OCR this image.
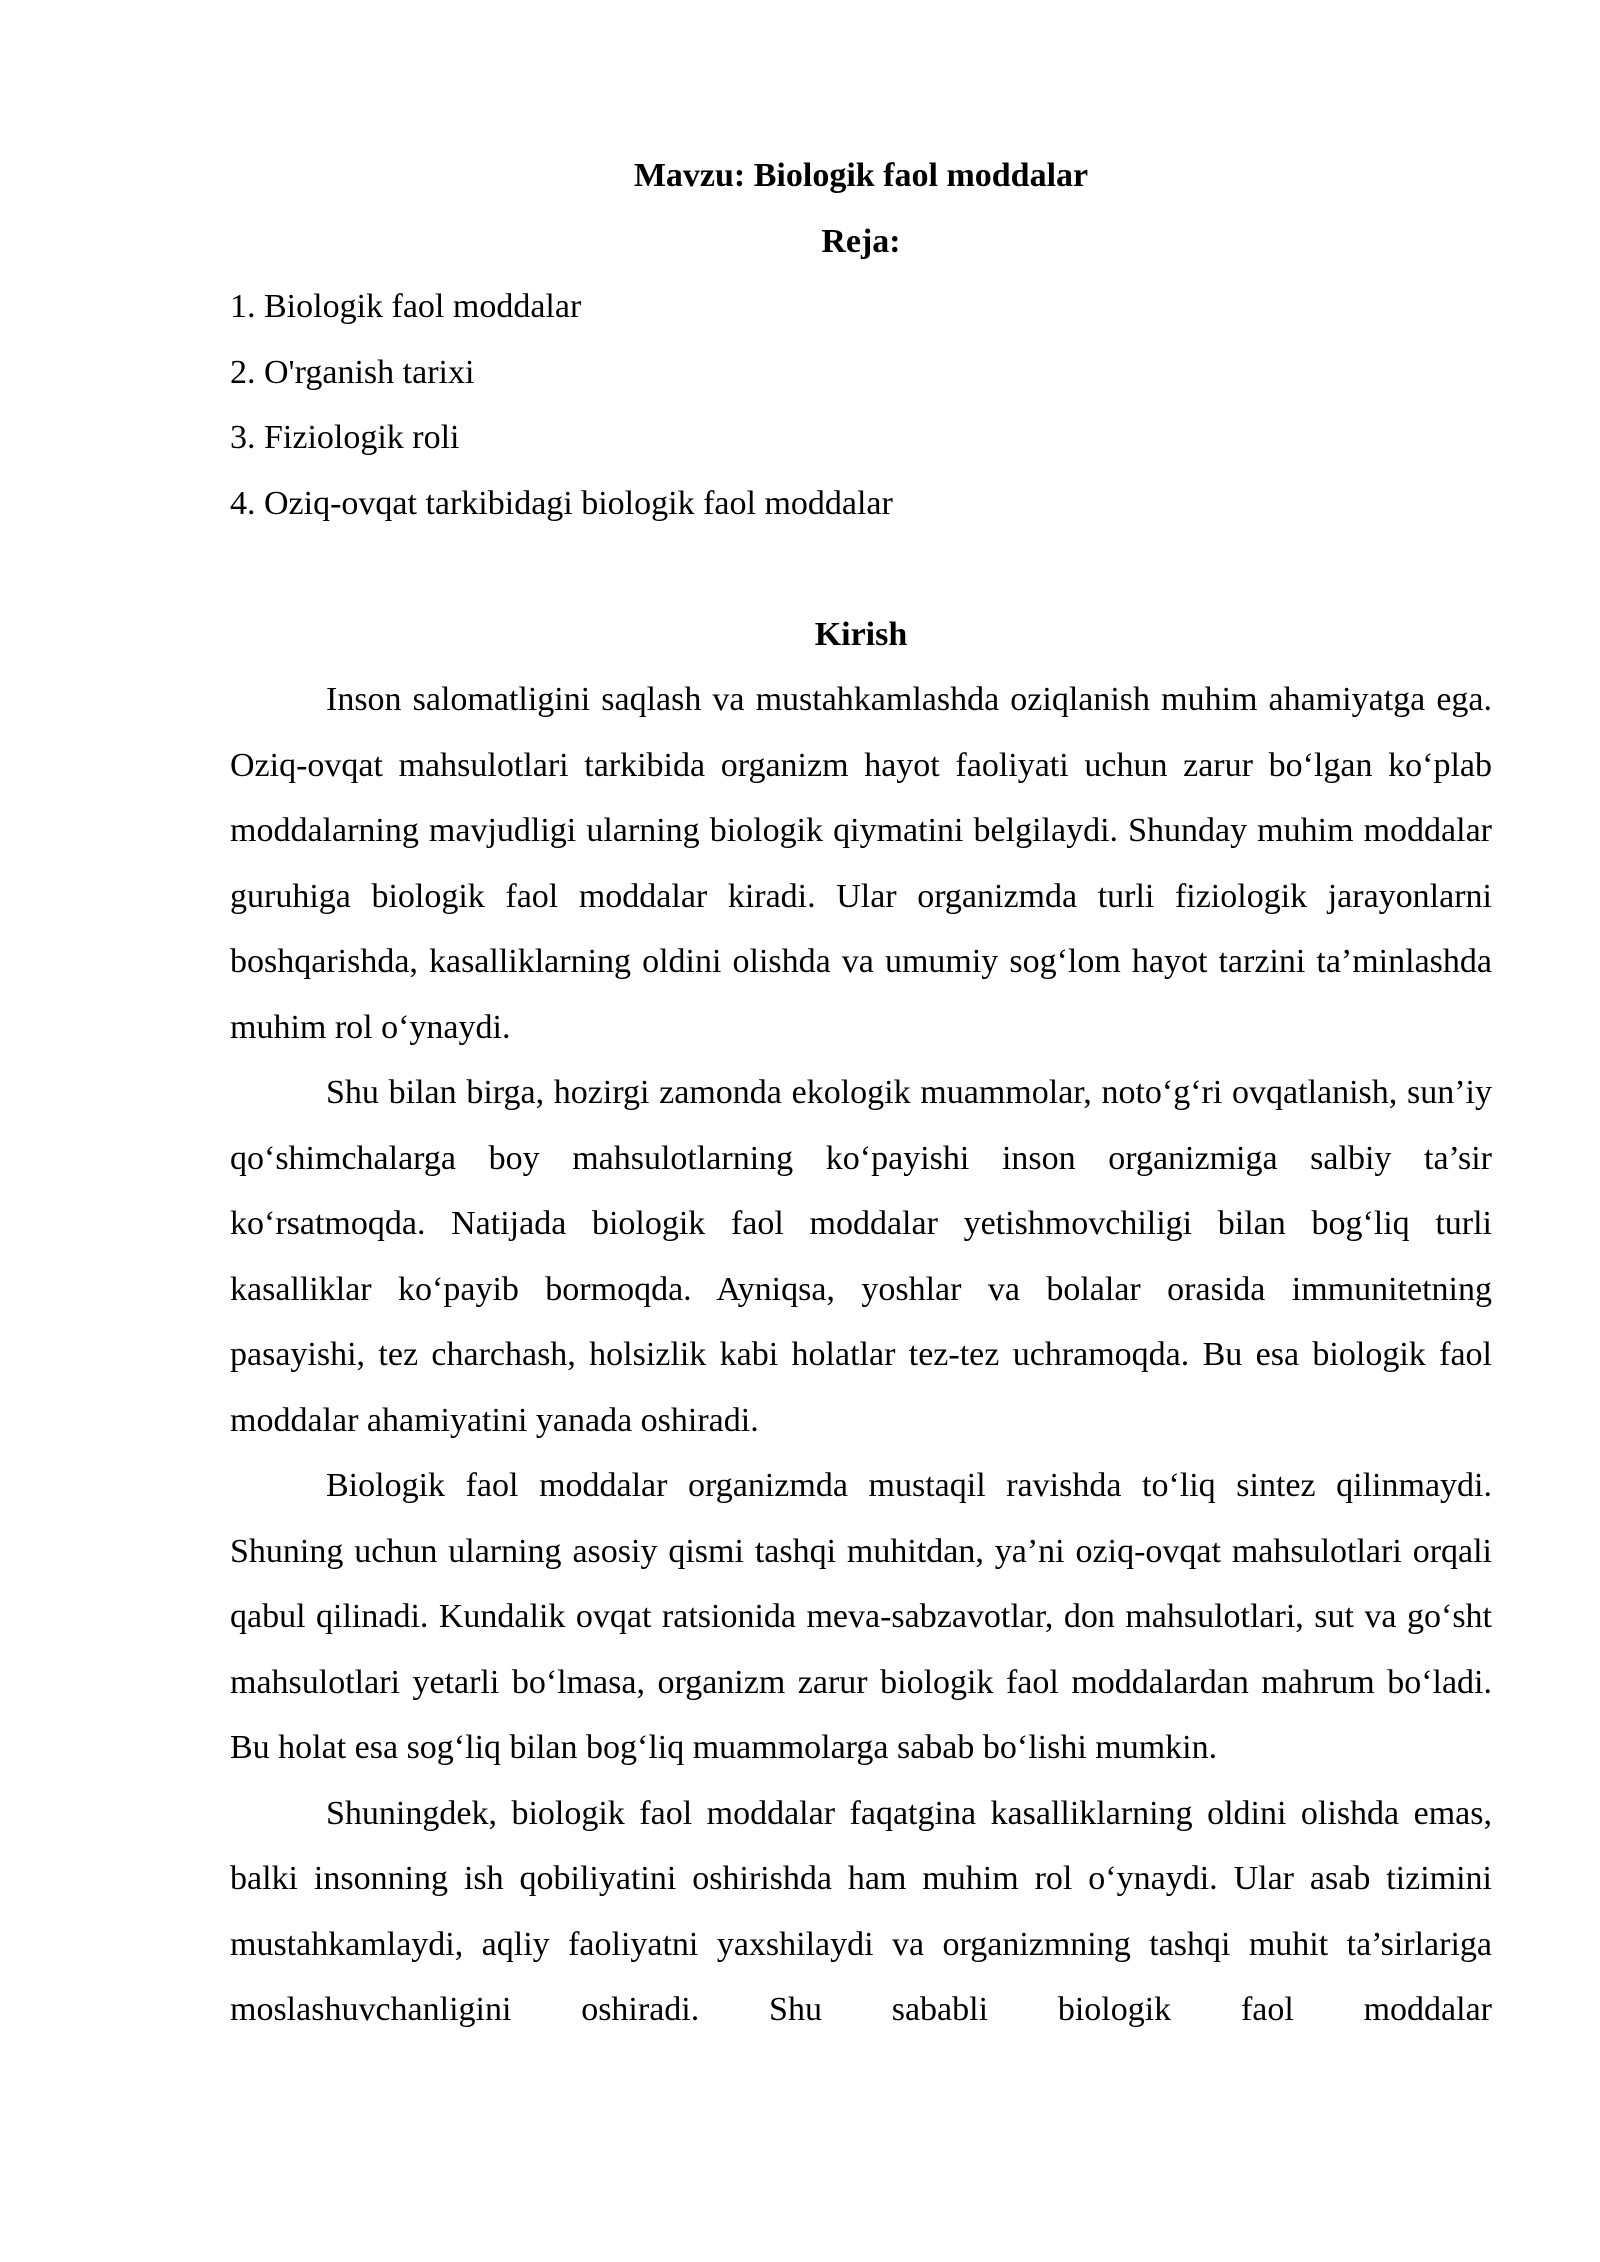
Mavzu: Biologik faol moddalar
Reja:
1. Biologik faol moddalar
2. O'rganish tarixi
3. Fiziologik roli
4. Oziq-ovqat tarkibidagi biologik faol moddalar
Kirish

Inson salomatligini saqlash va mustahkamlashda oziqlanish muhim ahamiyatga ega. Oziq-ovqat mahsulotlari tarkibida organizm hayot faoliyati uchun zarur bo‘lgan ko‘plab moddalarning mavjudligi ularning biologik qiymatini belgilaydi. Shunday muhim moddalar guruhiga biologik faol moddalar kiradi. Ular organizmda turli fiziologik jarayonlarni boshqarishda, kasalliklarning oldini olishda va umumiy sog‘lom hayot tarzini ta’minlashda muhim rol o‘ynaydi.

Shu bilan birga, hozirgi zamonda ekologik muammolar, noto‘g‘ri ovqatlanish, sun’iy qo‘shimchalarga boy mahsulotlarning ko‘payishi inson organizmiga salbiy ta’sir ko‘rsatmoqda. Natijada biologik faol moddalar yetishmovchiligi bilan bog‘liq turli kasalliklar ko‘payib bormoqda. Ayniqsa, yoshlar va bolalar orasida immunitetning pasayishi, tez charchash, holsizlik kabi holatlar tez-tez uchramoqda. Bu esa biologik faol moddalar ahamiyatini yanada oshiradi.

Biologik faol moddalar organizmda mustaqil ravishda to‘liq sintez qilinmaydi. Shuning uchun ularning asosiy qismi tashqi muhitdan, ya’ni oziq-ovqat mahsulotlari orqali qabul qilinadi. Kundalik ovqat ratsionida meva-sabzavotlar, don mahsulotlari, sut va go‘sht mahsulotlari yetarli bo‘lmasa, organizm zarur biologik faol moddalardan mahrum bo‘ladi. Bu holat esa sog‘liq bilan bog‘liq muammolarga sabab bo‘lishi mumkin.

Shuningdek, biologik faol moddalar faqatgina kasalliklarning oldini olishda emas, balki insonning ish qobiliyatini oshirishda ham muhim rol o‘ynaydi. Ular asab tizimini mustahkamlaydi, aqliy faoliyatni yaxshilaydi va organizmning tashqi muhit ta’sirlariga moslashuvchanligini oshiradi. Shu sababli biologik faol moddalar
